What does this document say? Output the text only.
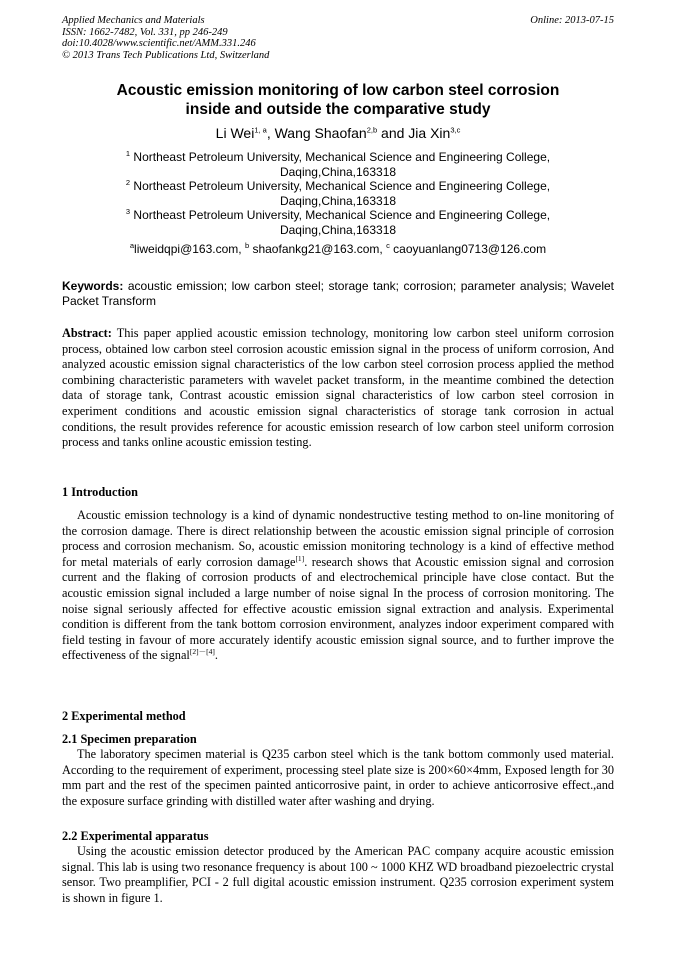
Applied Mechanics and Materials
ISSN: 1662-7482, Vol. 331, pp 246-249
doi:10.4028/www.scientific.net/AMM.331.246
© 2013 Trans Tech Publications Ltd, Switzerland
Online: 2013-07-15
Acoustic emission monitoring of low carbon steel corrosion
inside and outside the comparative study
Li Wei$^{1, a}$, Wang Shaofan$^{2,b}$ and Jia Xin$^{3,c}$
$^1$ Northeast Petroleum University, Mechanical Science and Engineering College,
Daqing,China,163318
$^2$ Northeast Petroleum University, Mechanical Science and Engineering College,
Daqing,China,163318
$^3$ Northeast Petroleum University, Mechanical Science and Engineering College,
Daqing,China,163318
$^a$liweidqpi@163.com, $^b$ shaofankg21@163.com, $^c$ caoyuanlang0713@126.com
Keywords: acoustic emission; low carbon steel; storage tank; corrosion; parameter analysis; Wavelet Packet Transform
Abstract: This paper applied acoustic emission technology, monitoring low carbon steel uniform corrosion process, obtained low carbon steel corrosion acoustic emission signal in the process of uniform corrosion, And analyzed acoustic emission signal characteristics of the low carbon steel corrosion process applied the method combining characteristic parameters with wavelet packet transform, in the meantime combined the detection data of storage tank, Contrast acoustic emission signal characteristics of low carbon steel corrosion in experiment conditions and acoustic emission signal characteristics of storage tank corrosion in actual conditions, the result provides reference for acoustic emission research of low carbon steel uniform corrosion process and tanks online acoustic emission testing.
1 Introduction
Acoustic emission technology is a kind of dynamic nondestructive testing method to on-line monitoring of the corrosion damage. There is direct relationship between the acoustic emission signal principle of corrosion process and corrosion mechanism. So, acoustic emission monitoring technology is a kind of effective method for metal materials of early corrosion damage[1]. research shows that Acoustic emission signal and corrosion current and the flaking of corrosion products of and electrochemical principle have close contact. But the acoustic emission signal included a large number of noise signal In the process of corrosion monitoring. The noise signal seriously affected for effective acoustic emission signal extraction and analysis. Experimental condition is different from the tank bottom corrosion environment, analyzes indoor experiment compared with field testing in favour of more accurately identify acoustic emission signal source, and to further improve the effectiveness of the signal[2]－[4].
2 Experimental method
2.1 Specimen preparation
The laboratory specimen material is Q235 carbon steel which is the tank bottom commonly used material. According to the requirement of experiment, processing steel plate size is 200×60×4mm, Exposed length for 30 mm part and the rest of the specimen painted anticorrosive paint, in order to achieve anticorrosive effect.,and the exposure surface grinding with distilled water after washing and drying.
2.2 Experimental apparatus
Using the acoustic emission detector produced by the American PAC company acquire acoustic emission signal. This lab is using two resonance frequency is about 100 ~ 1000 KHZ WD broadband piezoelectric crystal sensor. Two preamplifier, PCI - 2 full digital acoustic emission instrument. Q235 corrosion experiment system is shown in figure 1.
